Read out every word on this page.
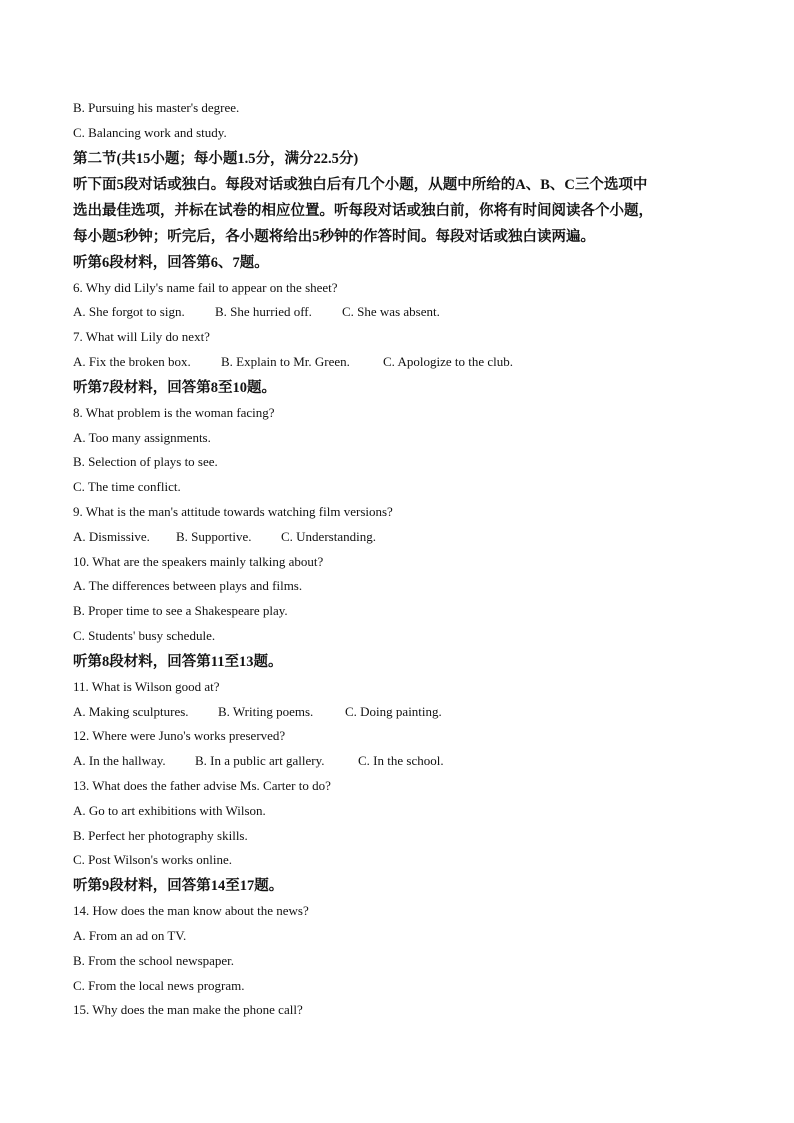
B. Pursuing his master's degree.
C. Balancing work and study.
第二节(共15小题；每小题1.5分，满分22.5分)
听下面5段对话或独白。每段对话或独白后有几个小题，从题中所给的A、B、C三个选项中
选出最佳选项，并标在试卷的相应位置。听每段对话或独白前，你将有时间阅读各个小题，
每小题5秒钟；听完后，各小题将给出5秒钟的作答时间。每段对话或独白读两遍。
听第6段材料，回答第6、7题。
6. Why did Lily's name fail to appear on the sheet?
A. She forgot to sign. B. She hurried off. C. She was absent.
7. What will Lily do next?
A. Fix the broken box. B. Explain to Mr. Green.	C. Apologize to the club.
听第7段材料，回答第8至10题。
8. What problem is the woman facing?
A. Too many assignments.
B. Selection of plays to see.
C. The time conflict.
9. What is the man's attitude towards watching film versions?
A. Dismissive. B. Supportive. C. Understanding.
10. What are the speakers mainly talking about?
A. The differences between plays and films.
B. Proper time to see a Shakespeare play.
C. Students' busy schedule.
听第8段材料，回答第11至13题。
11. What is Wilson good at?
A. Making sculptures. B. Writing poems. C. Doing painting.
12. Where were Juno's works preserved?
A. In the hallway. B. In a public art gallery.	C. In the school.
13. What does the father advise Ms. Carter to do?
A. Go to art exhibitions with Wilson.
B. Perfect her photography skills.
C. Post Wilson's works online.
听第9段材料，回答第14至17题。
14. How does the man know about the news?
A. From an ad on TV.
B. From the school newspaper.
C. From the local news program.
15. Why does the man make the phone call?
